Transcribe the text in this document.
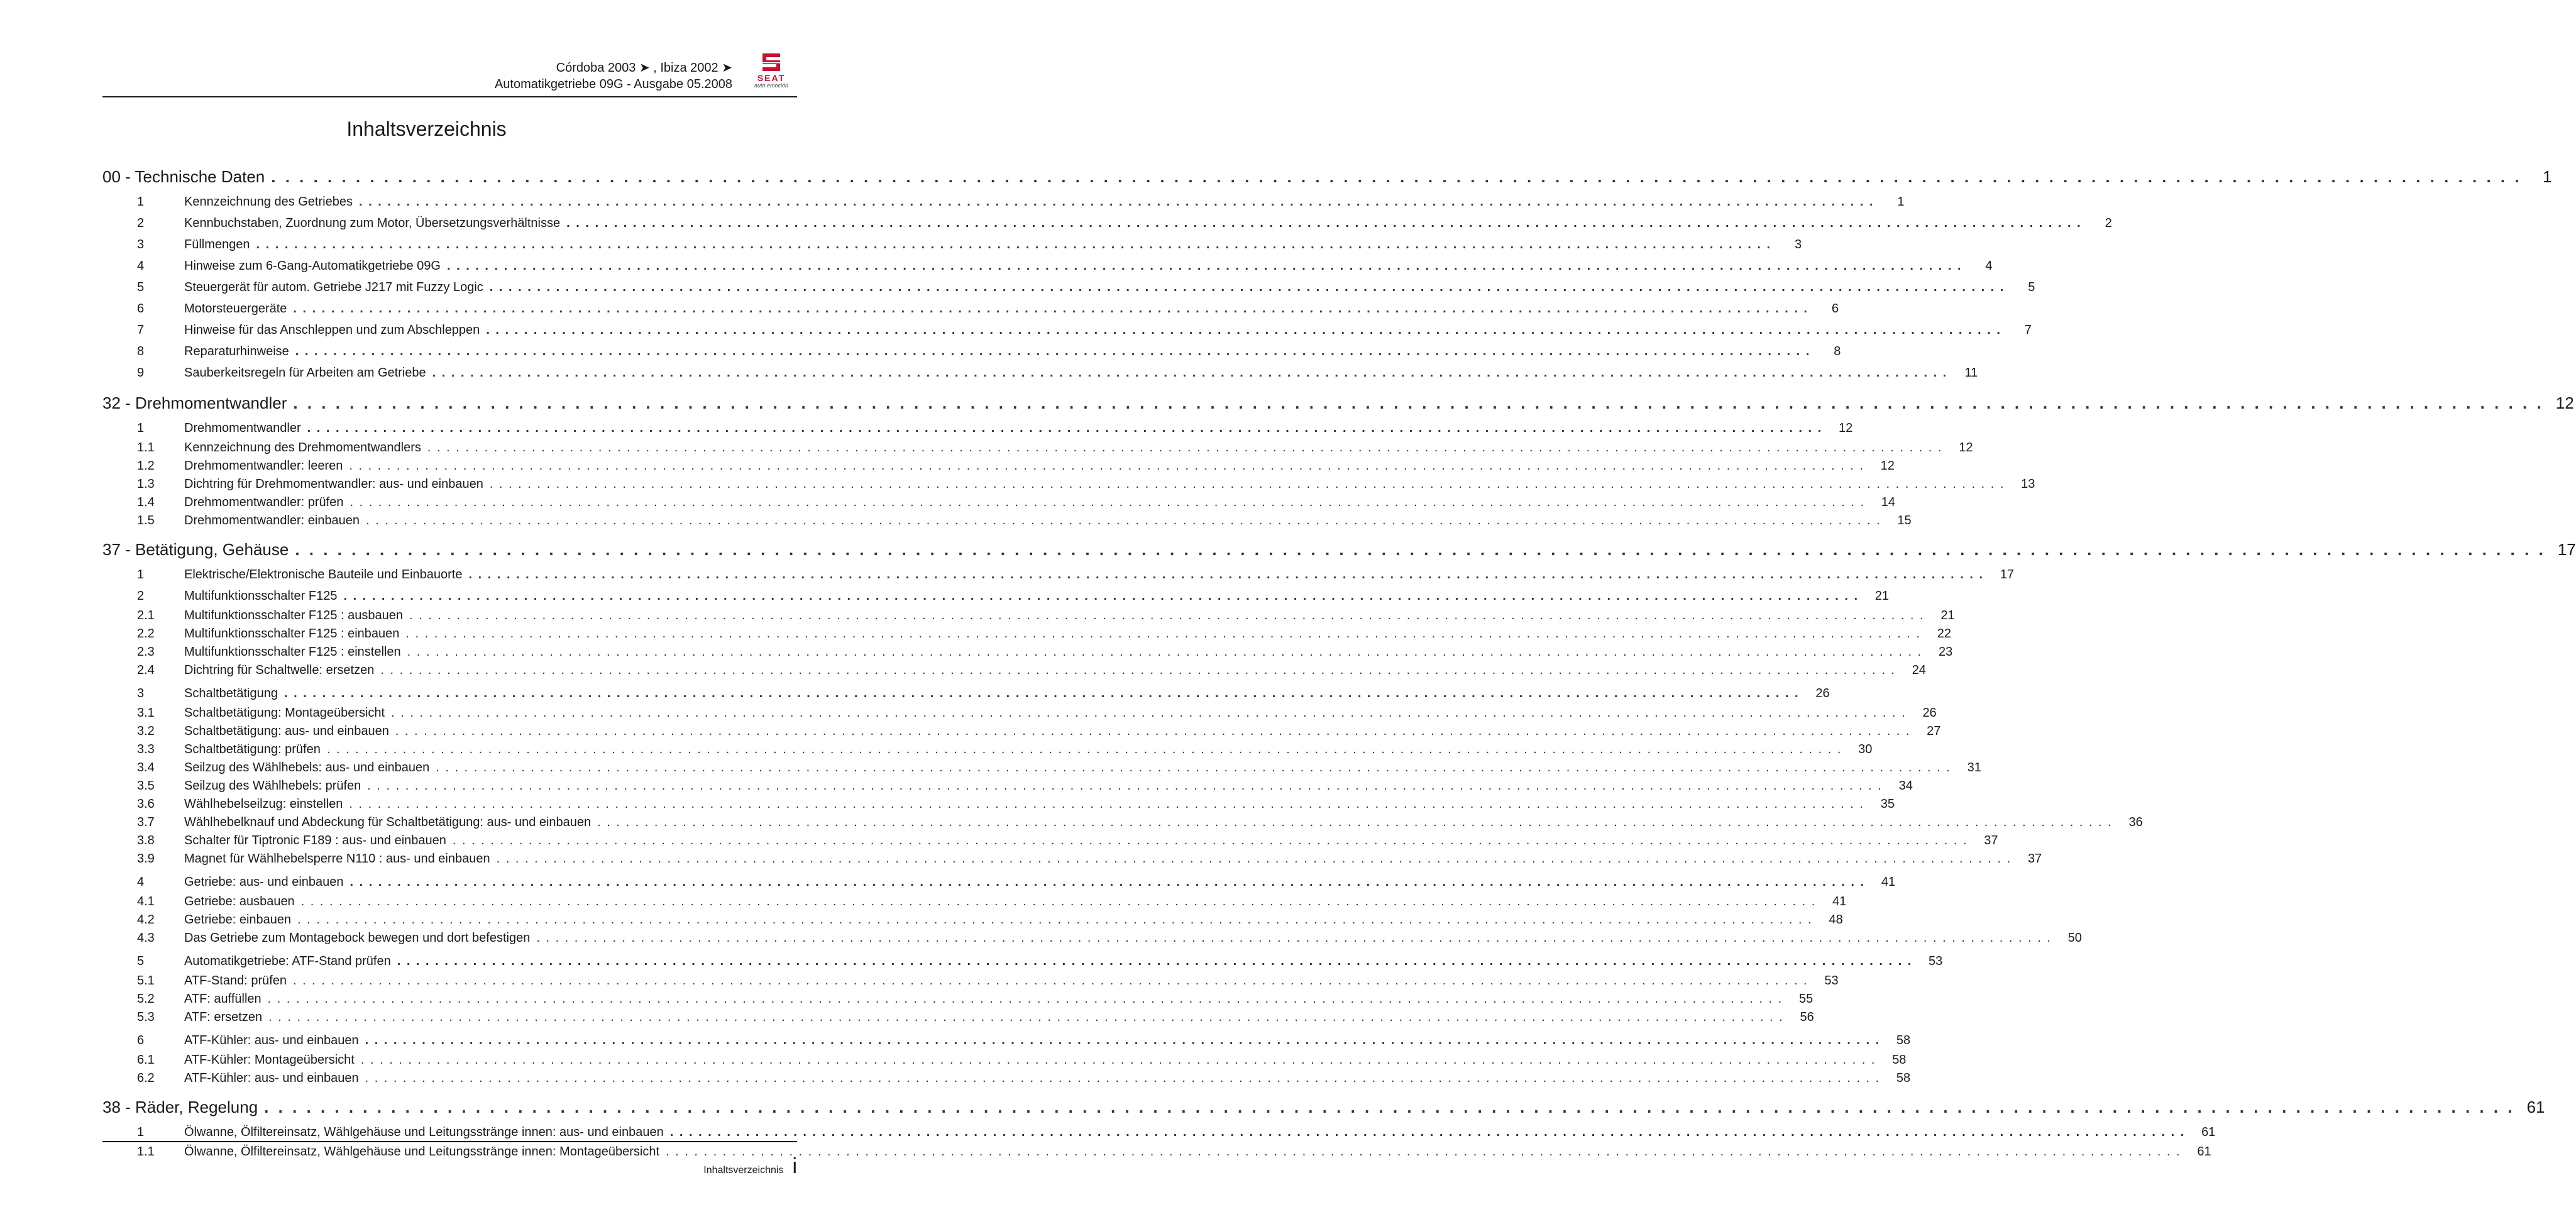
Córdoba 2003 ➤ , Ibiza 2002 ➤
Automatikgetriebe 09G - Ausgabe 05.2008	SEAT
auto emoción
Inhaltsverzeichnis
00 - Technische Daten . . . . . . . . . . . . . . . . . . . . . . . . . . . . . . . . . . . . . . . . . . . . . . . . . . . . . . . . . . . . . . . . . . . . . . . . . . . . . . . . . . . . . . . . . . . . . . . . . . . . . . . . . . . . . . . . . . . . . . . . . . . . . . . . . . . . . . . . . . . . . . . . . . . . . . . . . . . . . . . .	1
1	Kennzeichnung des Getriebes . . . . . . . . . . . . . . . . . . . . . . . . . . . . . . . . . . . . . . . . . . . . . . . . . . . . . . . . . . . . . . . . . . . . . . . . . . . . . . . . . . . . . . . . . . . . . . . . . . . . . . . . . . . . . . . . . . . . . . . . . . . . . . . . . . . . . . . . . . . . . . . . . . . . . . . . . . . . . . . .	1
2	Kennbuchstaben, Zuordnung zum Motor, Übersetzungsverhältnisse . . . . . . . . . . . . . . . . . . . . . . . . . . . . . . . . . . . . . . . . . . . . . . . . . . . . . . . . . . . . . . . . . . . . . . . . . . . . . . . . . . . . . . . . . . . . . . . . . . . . . . . . . . . . . . . . . . . . . . . . . . . . . . . . . . . . . . . . . . . . . . . . . . . . . . . . . . . . . . . .	2
3	Füllmengen . . . . . . . . . . . . . . . . . . . . . . . . . . . . . . . . . . . . . . . . . . . . . . . . . . . . . . . . . . . . . . . . . . . . . . . . . . . . . . . . . . . . . . . . . . . . . . . . . . . . . . . . . . . . . . . . . . . . . . . . . . . . . . . . . . . . . . . . . . . . . . . . . . . . . . . . . . . . . . . .	3
4	Hinweise zum 6-Gang-Automatikgetriebe 09G . . . . . . . . . . . . . . . . . . . . . . . . . . . . . . . . . . . . . . . . . . . . . . . . . . . . . . . . . . . . . . . . . . . . . . . . . . . . . . . . . . . . . . . . . . . . . . . . . . . . . . . . . . . . . . . . . . . . . . . . . . . . . . . . . . . . . . . . . . . . . . . . . . . . . . . . . . . . . . . .	4
5	Steuergerät für autom. Getriebe J217 mit Fuzzy Logic . . . . . . . . . . . . . . . . . . . . . . . . . . . . . . . . . . . . . . . . . . . . . . . . . . . . . . . . . . . . . . . . . . . . . . . . . . . . . . . . . . . . . . . . . . . . . . . . . . . . . . . . . . . . . . . . . . . . . . . . . . . . . . . . . . . . . . . . . . . . . . . . . . . . . . . . . . . . . . . .	5
6	Motorsteuergeräte . . . . . . . . . . . . . . . . . . . . . . . . . . . . . . . . . . . . . . . . . . . . . . . . . . . . . . . . . . . . . . . . . . . . . . . . . . . . . . . . . . . . . . . . . . . . . . . . . . . . . . . . . . . . . . . . . . . . . . . . . . . . . . . . . . . . . . . . . . . . . . . . . . . . . . . . . . . . . . . .	6
7	Hinweise für das Anschleppen und zum Abschleppen . . . . . . . . . . . . . . . . . . . . . . . . . . . . . . . . . . . . . . . . . . . . . . . . . . . . . . . . . . . . . . . . . . . . . . . . . . . . . . . . . . . . . . . . . . . . . . . . . . . . . . . . . . . . . . . . . . . . . . . . . . . . . . . . . . . . . . . . . . . . . . . . . . . . . . . . . . . . . . . .	7
8	Reparaturhinweise . . . . . . . . . . . . . . . . . . . . . . . . . . . . . . . . . . . . . . . . . . . . . . . . . . . . . . . . . . . . . . . . . . . . . . . . . . . . . . . . . . . . . . . . . . . . . . . . . . . . . . . . . . . . . . . . . . . . . . . . . . . . . . . . . . . . . . . . . . . . . . . . . . . . . . . . . . . . . . . .	8
9	Sauberkeitsregeln für Arbeiten am Getriebe . . . . . . . . . . . . . . . . . . . . . . . . . . . . . . . . . . . . . . . . . . . . . . . . . . . . . . . . . . . . . . . . . . . . . . . . . . . . . . . . . . . . . . . . . . . . . . . . . . . . . . . . . . . . . . . . . . . . . . . . . . . . . . . . . . . . . . . . . . . . . . . . . . . . . . . . . . . . . . . .	11
32 - Drehmomentwandler . . . . . . . . . . . . . . . . . . . . . . . . . . . . . . . . . . . . . . . . . . . . . . . . . . . . . . . . . . . . . . . . . . . . . . . . . . . . . . . . . . . . . . . . . . . . . . . . . . . . . . . . . . . . . . . . . . . . . . . . . . . . . . . . . . . . . . . . . . . . . . . . . . . . . . . . . . . . . . . . 12
1	Drehmomentwandler . . . . . . . . . . . . . . . . . . . . . . . . . . . . . . . . . . . . . . . . . . . . . . . . . . . . . . . . . . . . . . . . . . . . . . . . . . . . . . . . . . . . . . . . . . . . . . . . . . . . . . . . . . . . . . . . . . . . . . . . . . . . . . . . . . . . . . . . . . . . . . . . . . . . . . . . . . . . . . . .	12
1.1	Kennzeichnung des Drehmomentwandlers . . . . . . . . . . . . . . . . . . . . . . . . . . . . . . . . . . . . . . . . . . . . . . . . . . . . . . . . . . . . . . . . . . . . . . . . . . . . . . . . . . . . . . . . . . . . . . . . . . . . . . . . . . . . . . . . . . . . . . . . . . . . . . . . . . . . . . . . . . . . . . . . . . . . . . . . . . . . . . . .	12
1.2	Drehmomentwandler: leeren . . . . . . . . . . . . . . . . . . . . . . . . . . . . . . . . . . . . . . . . . . . . . . . . . . . . . . . . . . . . . . . . . . . . . . . . . . . . . . . . . . . . . . . . . . . . . . . . . . . . . . . . . . . . . . . . . . . . . . . . . . . . . . . . . . . . . . . . . . . . . . . . . . . . . . . . . . . . . . . .	12
1.3	Dichtring für Drehmomentwandler: aus- und einbauen . . . . . . . . . . . . . . . . . . . . . . . . . . . . . . . . . . . . . . . . . . . . . . . . . . . . . . . . . . . . . . . . . . . . . . . . . . . . . . . . . . . . . . . . . . . . . . . . . . . . . . . . . . . . . . . . . . . . . . . . . . . . . . . . . . . . . . . . . . . . . . . . . . . . . . . . . . . . . . . .	13
1.4	Drehmomentwandler: prüfen . . . . . . . . . . . . . . . . . . . . . . . . . . . . . . . . . . . . . . . . . . . . . . . . . . . . . . . . . . . . . . . . . . . . . . . . . . . . . . . . . . . . . . . . . . . . . . . . . . . . . . . . . . . . . . . . . . . . . . . . . . . . . . . . . . . . . . . . . . . . . . . . . . . . . . . . . . . . . . . .	14
1.5	Drehmomentwandler: einbauen . . . . . . . . . . . . . . . . . . . . . . . . . . . . . . . . . . . . . . . . . . . . . . . . . . . . . . . . . . . . . . . . . . . . . . . . . . . . . . . . . . . . . . . . . . . . . . . . . . . . . . . . . . . . . . . . . . . . . . . . . . . . . . . . . . . . . . . . . . . . . . . . . . . . . . . . . . . . . . . .	15
37 - Betätigung, Gehäuse . . . . . . . . . . . . . . . . . . . . . . . . . . . . . . . . . . . . . . . . . . . . . . . . . . . . . . . . . . . . . . . . . . . . . . . . . . . . . . . . . . . . . . . . . . . . . . . . . . . . . . . . . . . . . . . . . . . . . . . . . . . . . . . . . . . . . . . . . . . . . . . . . . . . . . . . . . . . . . . . 17
1	Elektrische/Elektronische Bauteile und Einbauorte . . . . . . . . . . . . . . . . . . . . . . . . . . . . . . . . . . . . . . . . . . . . . . . . . . . . . . . . . . . . . . . . . . . . . . . . . . . . . . . . . . . . . . . . . . . . . . . . . . . . . . . . . . . . . . . . . . . . . . . . . . . . . . . . . . . . . . . . . . . . . . . . . . . . . . . . . . . . . . . .	17
2	Multifunktionsschalter F125 . . . . . . . . . . . . . . . . . . . . . . . . . . . . . . . . . . . . . . . . . . . . . . . . . . . . . . . . . . . . . . . . . . . . . . . . . . . . . . . . . . . . . . . . . . . . . . . . . . . . . . . . . . . . . . . . . . . . . . . . . . . . . . . . . . . . . . . . . . . . . . . . . . . . . . . . . . . . . . . .	21
2.1	Multifunktionsschalter F125 : ausbauen . . . . . . . . . . . . . . . . . . . . . . . . . . . . . . . . . . . . . . . . . . . . . . . . . . . . . . . . . . . . . . . . . . . . . . . . . . . . . . . . . . . . . . . . . . . . . . . . . . . . . . . . . . . . . . . . . . . . . . . . . . . . . . . . . . . . . . . . . . . . . . . . . . . . . . . . . . . . . . . .	21
2.2	Multifunktionsschalter F125 : einbauen . . . . . . . . . . . . . . . . . . . . . . . . . . . . . . . . . . . . . . . . . . . . . . . . . . . . . . . . . . . . . . . . . . . . . . . . . . . . . . . . . . . . . . . . . . . . . . . . . . . . . . . . . . . . . . . . . . . . . . . . . . . . . . . . . . . . . . . . . . . . . . . . . . . . . . . . . . . . . . . .	22
2.3	Multifunktionsschalter F125 : einstellen . . . . . . . . . . . . . . . . . . . . . . . . . . . . . . . . . . . . . . . . . . . . . . . . . . . . . . . . . . . . . . . . . . . . . . . . . . . . . . . . . . . . . . . . . . . . . . . . . . . . . . . . . . . . . . . . . . . . . . . . . . . . . . . . . . . . . . . . . . . . . . . . . . . . . . . . . . . . . . . .	23
2.4	Dichtring für Schaltwelle: ersetzen . . . . . . . . . . . . . . . . . . . . . . . . . . . . . . . . . . . . . . . . . . . . . . . . . . . . . . . . . . . . . . . . . . . . . . . . . . . . . . . . . . . . . . . . . . . . . . . . . . . . . . . . . . . . . . . . . . . . . . . . . . . . . . . . . . . . . . . . . . . . . . . . . . . . . . . . . . . . . . . .	24
3	Schaltbetätigung . . . . . . . . . . . . . . . . . . . . . . . . . . . . . . . . . . . . . . . . . . . . . . . . . . . . . . . . . . . . . . . . . . . . . . . . . . . . . . . . . . . . . . . . . . . . . . . . . . . . . . . . . . . . . . . . . . . . . . . . . . . . . . . . . . . . . . . . . . . . . . . . . . . . . . . . . . . . . . . .	26
3.1	Schaltbetätigung: Montageübersicht . . . . . . . . . . . . . . . . . . . . . . . . . . . . . . . . . . . . . . . . . . . . . . . . . . . . . . . . . . . . . . . . . . . . . . . . . . . . . . . . . . . . . . . . . . . . . . . . . . . . . . . . . . . . . . . . . . . . . . . . . . . . . . . . . . . . . . . . . . . . . . . . . . . . . . . . . . . . . . . .	26
3.2	Schaltbetätigung: aus- und einbauen . . . . . . . . . . . . . . . . . . . . . . . . . . . . . . . . . . . . . . . . . . . . . . . . . . . . . . . . . . . . . . . . . . . . . . . . . . . . . . . . . . . . . . . . . . . . . . . . . . . . . . . . . . . . . . . . . . . . . . . . . . . . . . . . . . . . . . . . . . . . . . . . . . . . . . . . . . . . . . . .	27
3.3	Schaltbetätigung: prüfen . . . . . . . . . . . . . . . . . . . . . . . . . . . . . . . . . . . . . . . . . . . . . . . . . . . . . . . . . . . . . . . . . . . . . . . . . . . . . . . . . . . . . . . . . . . . . . . . . . . . . . . . . . . . . . . . . . . . . . . . . . . . . . . . . . . . . . . . . . . . . . . . . . . . . . . . . . . . . . . .	30
3.4	Seilzug des Wählhebels: aus- und einbauen . . . . . . . . . . . . . . . . . . . . . . . . . . . . . . . . . . . . . . . . . . . . . . . . . . . . . . . . . . . . . . . . . . . . . . . . . . . . . . . . . . . . . . . . . . . . . . . . . . . . . . . . . . . . . . . . . . . . . . . . . . . . . . . . . . . . . . . . . . . . . . . . . . . . . . . . . . . . . . . .	31
3.5	Seilzug des Wählhebels: prüfen . . . . . . . . . . . . . . . . . . . . . . . . . . . . . . . . . . . . . . . . . . . . . . . . . . . . . . . . . . . . . . . . . . . . . . . . . . . . . . . . . . . . . . . . . . . . . . . . . . . . . . . . . . . . . . . . . . . . . . . . . . . . . . . . . . . . . . . . . . . . . . . . . . . . . . . . . . . . . . . .	34
3.6	Wählhebelseilzug: einstellen . . . . . . . . . . . . . . . . . . . . . . . . . . . . . . . . . . . . . . . . . . . . . . . . . . . . . . . . . . . . . . . . . . . . . . . . . . . . . . . . . . . . . . . . . . . . . . . . . . . . . . . . . . . . . . . . . . . . . . . . . . . . . . . . . . . . . . . . . . . . . . . . . . . . . . . . . . . . . . . .	35
3.7	Wählhebelknauf und Abdeckung für Schaltbetätigung: aus- und einbauen . . . . . . . . . . . . . . . . . . . . . . . . . . . . . . . . . . . . . . . . . . . . . . . . . . . . . . . . . . . . . . . . . . . . . . . . . . . . . . . . . . . . . . . . . . . . . . . . . . . . . . . . . . . . . . . . . . . . . . . . . . . . . . . . . . . . . . . . . . . . . . . . . . . . . . . . . . . . . . . .	36
3.8	Schalter für Tiptronic F189 : aus- und einbauen . . . . . . . . . . . . . . . . . . . . . . . . . . . . . . . . . . . . . . . . . . . . . . . . . . . . . . . . . . . . . . . . . . . . . . . . . . . . . . . . . . . . . . . . . . . . . . . . . . . . . . . . . . . . . . . . . . . . . . . . . . . . . . . . . . . . . . . . . . . . . . . . . . . . . . . . . . . . . . . .	37
3.9	Magnet für Wählhebelsperre N110 : aus- und einbauen . . . . . . . . . . . . . . . . . . . . . . . . . . . . . . . . . . . . . . . . . . . . . . . . . . . . . . . . . . . . . . . . . . . . . . . . . . . . . . . . . . . . . . . . . . . . . . . . . . . . . . . . . . . . . . . . . . . . . . . . . . . . . . . . . . . . . . . . . . . . . . . . . . . . . . . . . . . . . . . .	37
4	Getriebe: aus- und einbauen . . . . . . . . . . . . . . . . . . . . . . . . . . . . . . . . . . . . . . . . . . . . . . . . . . . . . . . . . . . . . . . . . . . . . . . . . . . . . . . . . . . . . . . . . . . . . . . . . . . . . . . . . . . . . . . . . . . . . . . . . . . . . . . . . . . . . . . . . . . . . . . . . . . . . . . . . . . . . . . .	41
4.1	Getriebe: ausbauen . . . . . . . . . . . . . . . . . . . . . . . . . . . . . . . . . . . . . . . . . . . . . . . . . . . . . . . . . . . . . . . . . . . . . . . . . . . . . . . . . . . . . . . . . . . . . . . . . . . . . . . . . . . . . . . . . . . . . . . . . . . . . . . . . . . . . . . . . . . . . . . . . . . . . . . . . . . . . . . .	41
4.2	Getriebe: einbauen . . . . . . . . . . . . . . . . . . . . . . . . . . . . . . . . . . . . . . . . . . . . . . . . . . . . . . . . . . . . . . . . . . . . . . . . . . . . . . . . . . . . . . . . . . . . . . . . . . . . . . . . . . . . . . . . . . . . . . . . . . . . . . . . . . . . . . . . . . . . . . . . . . . . . . . . . . . . . . . .	48
4.3	Das Getriebe zum Montagebock bewegen und dort befestigen . . . . . . . . . . . . . . . . . . . . . . . . . . . . . . . . . . . . . . . . . . . . . . . . . . . . . . . . . . . . . . . . . . . . . . . . . . . . . . . . . . . . . . . . . . . . . . . . . . . . . . . . . . . . . . . . . . . . . . . . . . . . . . . . . . . . . . . . . . . . . . . . . . . . . . . . . . . . . . . .	50
5	Automatikgetriebe: ATF-Stand prüfen . . . . . . . . . . . . . . . . . . . . . . . . . . . . . . . . . . . . . . . . . . . . . . . . . . . . . . . . . . . . . . . . . . . . . . . . . . . . . . . . . . . . . . . . . . . . . . . . . . . . . . . . . . . . . . . . . . . . . . . . . . . . . . . . . . . . . . . . . . . . . . . . . . . . . . . . . . . . . . . .	53
5.1	ATF-Stand: prüfen . . . . . . . . . . . . . . . . . . . . . . . . . . . . . . . . . . . . . . . . . . . . . . . . . . . . . . . . . . . . . . . . . . . . . . . . . . . . . . . . . . . . . . . . . . . . . . . . . . . . . . . . . . . . . . . . . . . . . . . . . . . . . . . . . . . . . . . . . . . . . . . . . . . . . . . . . . . . . . . .	53
5.2	ATF: auffüllen . . . . . . . . . . . . . . . . . . . . . . . . . . . . . . . . . . . . . . . . . . . . . . . . . . . . . . . . . . . . . . . . . . . . . . . . . . . . . . . . . . . . . . . . . . . . . . . . . . . . . . . . . . . . . . . . . . . . . . . . . . . . . . . . . . . . . . . . . . . . . . . . . . . . . . . . . . . . . . . .	55
5.3	ATF: ersetzen . . . . . . . . . . . . . . . . . . . . . . . . . . . . . . . . . . . . . . . . . . . . . . . . . . . . . . . . . . . . . . . . . . . . . . . . . . . . . . . . . . . . . . . . . . . . . . . . . . . . . . . . . . . . . . . . . . . . . . . . . . . . . . . . . . . . . . . . . . . . . . . . . . . . . . . . . . . . . . . .	56
6	ATF-Kühler: aus- und einbauen . . . . . . . . . . . . . . . . . . . . . . . . . . . . . . . . . . . . . . . . . . . . . . . . . . . . . . . . . . . . . . . . . . . . . . . . . . . . . . . . . . . . . . . . . . . . . . . . . . . . . . . . . . . . . . . . . . . . . . . . . . . . . . . . . . . . . . . . . . . . . . . . . . . . . . . . . . . . . . . .	58
6.1	ATF-Kühler: Montageübersicht . . . . . . . . . . . . . . . . . . . . . . . . . . . . . . . . . . . . . . . . . . . . . . . . . . . . . . . . . . . . . . . . . . . . . . . . . . . . . . . . . . . . . . . . . . . . . . . . . . . . . . . . . . . . . . . . . . . . . . . . . . . . . . . . . . . . . . . . . . . . . . . . . . . . . . . . . . . . . . . .	58
6.2	ATF-Kühler: aus- und einbauen . . . . . . . . . . . . . . . . . . . . . . . . . . . . . . . . . . . . . . . . . . . . . . . . . . . . . . . . . . . . . . . . . . . . . . . . . . . . . . . . . . . . . . . . . . . . . . . . . . . . . . . . . . . . . . . . . . . . . . . . . . . . . . . . . . . . . . . . . . . . . . . . . . . . . . . . . . . . . . . .	58
38 - Räder, Regelung . . . . . . . . . . . . . . . . . . . . . . . . . . . . . . . . . . . . . . . . . . . . . . . . . . . . . . . . . . . . . . . . . . . . . . . . . . . . . . . . . . . . . . . . . . . . . . . . . . . . . . . . . . . . . . . . . . . . . . . . . . . . . . . . . . . . . . . . . . . . . . . . . . . . . . . . . . . . . . . . 61
1	Ölwanne, Ölfiltereinsatz, Wählgehäuse und Leitungsstränge innen: aus- und einbauen . . . . . . . . . . . . . . . . . . . . . . . . . . . . . . . . . . . . . . . . . . . . . . . . . . . . . . . . . . . . . . . . . . . . . . . . . . . . . . . . . . . . . . . . . . . . . . . . . . . . . . . . . . . . . . . . . . . . . . . . . . . . . . . . . . . . . . . . . . . . . . . . . . . . . . . . . . . . . . . .	61
1.1	Ölwanne, Ölfiltereinsatz, Wählgehäuse und Leitungsstränge innen: Montageübersicht . . . . . . . . . . . . . . . . . . . . . . . . . . . . . . . . . . . . . . . . . . . . . . . . . . . . . . . . . . . . . . . . . . . . . . . . . . . . . . . . . . . . . . . . . . . . . . . . . . . . . . . . . . . . . . . . . . . . . . . . . . . . . . . . . . . . . . . . . . . . . . . . . . . . . . . . . . . . . . . .	61
Inhaltsverzeichnis i
